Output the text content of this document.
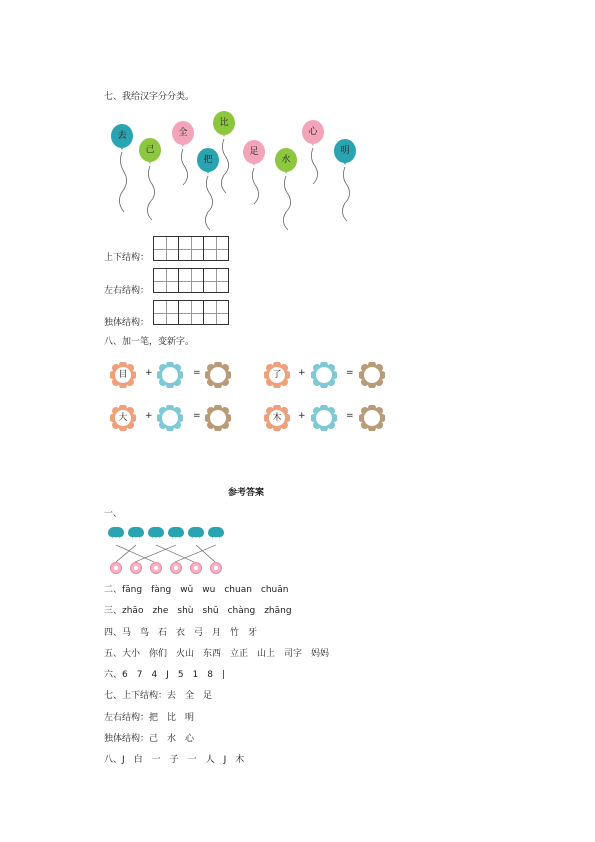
七、我给汉字分分类。
去
己
全
比
把
足
水
心
明
上下结构：
左右结构：
独体结构：
八、加一笔，变新字。
目	+	=	了	+	=
大	+	=	木	+	=
参考答案
一、
' ' '	' ' '	' ' '	' ' '	' ' '	' ' '
二、fāng　fàng　wǔ　wu　chuan　chuān
三、zhāo　zhe　shù　shū　chàng　zhāng
四、马　鸟　石　衣　弓　月　竹　牙
五、大小　你们　火山　东西　立正　山上　司字　妈妈
六、6　7　4　J　5　1　8　|
七、上下结构：去　全　足
左右结构：把　比　明
独体结构：己　水　心
八、J　白　一　子　一　人　J　木
